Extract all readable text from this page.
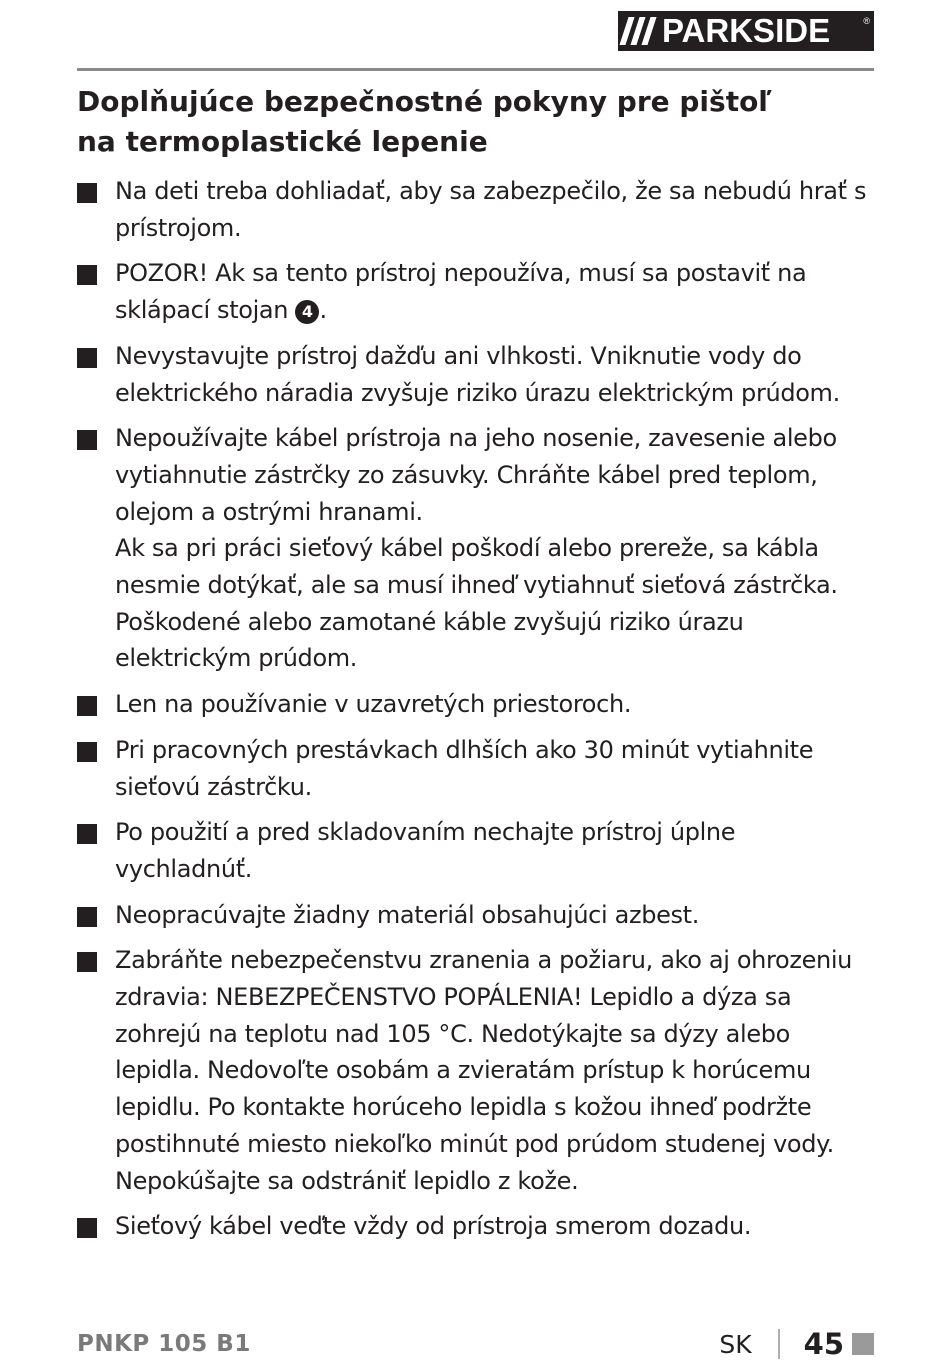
PARKSIDE	®
Doplňujúce bezpečnostné pokyny pre pištoľ
na termoplastické lepenie

Na deti treba dohliadať, aby sa zabezpečilo, že sa nebudú hrať s prístrojom.

POZOR! Ak sa tento prístroj nepoužíva, musí sa postaviť na sklápací stojan 4 .

Nevystavujte prístroj dažďu ani vlhkosti. Vniknutie vody do elektrického náradia zvyšuje riziko úrazu elektrickým prúdom.

Nepoužívajte kábel prístroja na jeho nosenie, zavesenie alebo vytiahnutie zástrčky zo zásuvky. Chráňte kábel pred teplom, olejom a ostrými hranami.

Ak sa pri práci sieťový kábel poškodí alebo prereže, sa kábla nesmie dotýkať, ale sa musí ihneď vytiahnuť sieťová zástrčka. Poškodené alebo zamotané káble zvyšujú riziko úrazu elektrickým prúdom.

Len na používanie v uzavretých priestoroch.

Pri pracovných prestávkach dlhších ako 30 minút vytiahnite sieťovú zástrčku.

Po použití a pred skladovaním nechajte prístroj úplne vychladnúť.

Neopracúvajte žiadny materiál obsahujúci azbest.

Zabráňte nebezpečenstvu zranenia a požiaru, ako aj ohrozeniu zdravia: NEBEZPEČENSTVO POPÁLENIA! Lepidlo a dýza sa zohrejú na teplotu nad 105 °C. Nedotýkajte sa dýzy alebo lepidla. Nedovoľte osobám a zvieratám prístup k horúcemu lepidlu. Po kontakte horúceho lepidla s kožou ihneď podržte postihnuté miesto niekoľko minút pod prúdom studenej vody. Nepokúšajte sa odstrániť lepidlo z kože.

Sieťový kábel veďte vždy od prístroja smerom dozadu.

PNKP 105 B1	SK 45
